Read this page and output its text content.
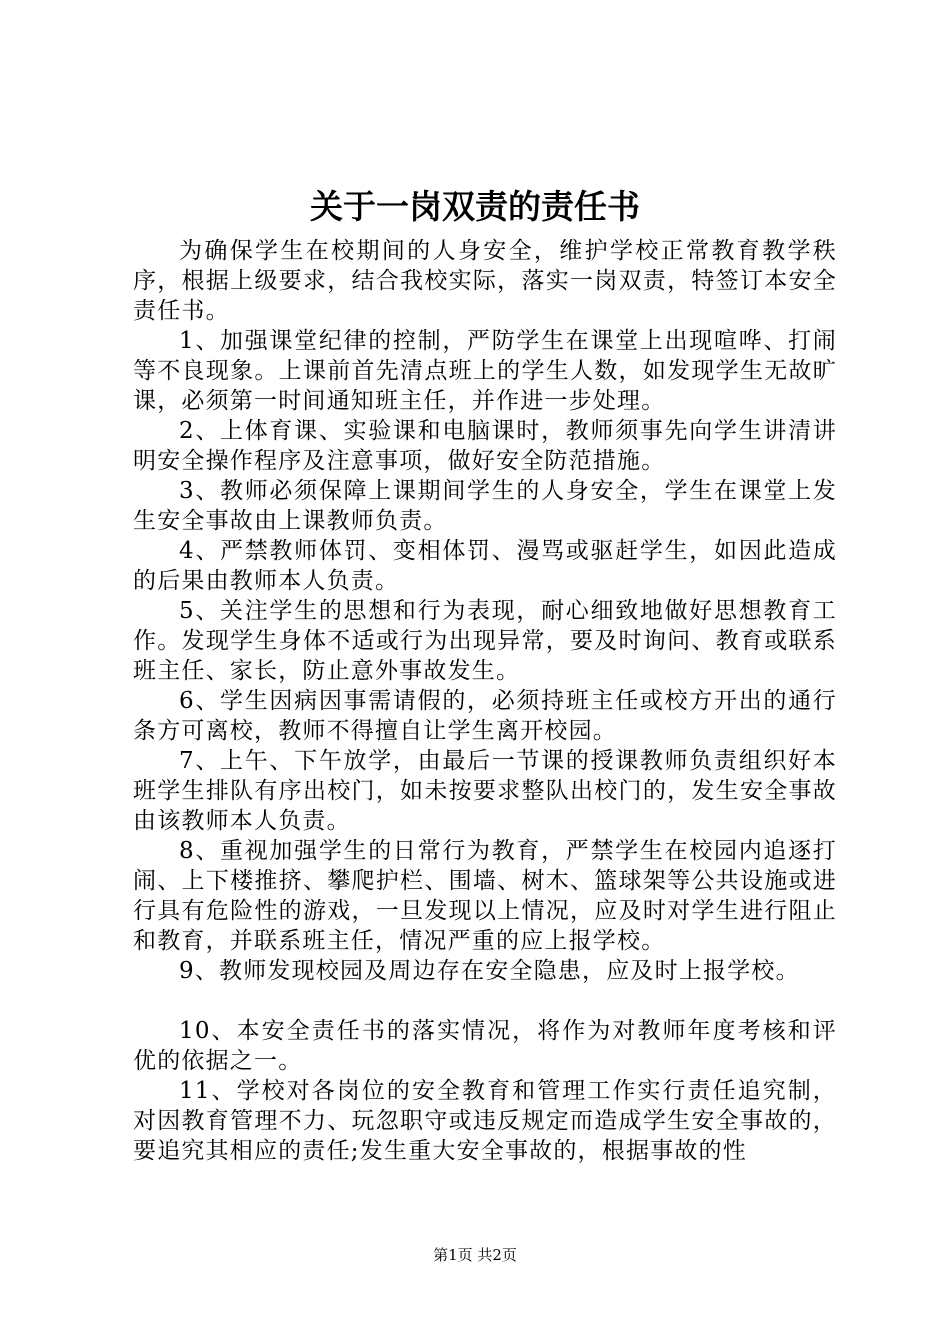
关于一岗双责的责任书

为确保学生在校期间的人身安全，维护学校正常教育教学秩序，根据上级要求，结合我校实际，落实一岗双责，特签订本安全责任书。

1、加强课堂纪律的控制，严防学生在课堂上出现喧哗、打闹等不良现象。上课前首先清点班上的学生人数，如发现学生无故旷课，必须第一时间通知班主任，并作进一步处理。

2、上体育课、实验课和电脑课时，教师须事先向学生讲清讲明安全操作程序及注意事项，做好安全防范措施。

3、教师必须保障上课期间学生的人身安全，学生在课堂上发生安全事故由上课教师负责。

4、严禁教师体罚、变相体罚、漫骂或驱赶学生，如因此造成的后果由教师本人负责。

5、关注学生的思想和行为表现，耐心细致地做好思想教育工作。发现学生身体不适或行为出现异常，要及时询问、教育或联系班主任、家长，防止意外事故发生。

6、学生因病因事需请假的，必须持班主任或校方开出的通行条方可离校，教师不得擅自让学生离开校园。

7、上午、下午放学，由最后一节课的授课教师负责组织好本班学生排队有序出校门，如未按要求整队出校门的，发生安全事故由该教师本人负责。

8、重视加强学生的日常行为教育，严禁学生在校园内追逐打闹、上下楼推挤、攀爬护栏、围墙、树木、篮球架等公共设施或进行具有危险性的游戏，一旦发现以上情况，应及时对学生进行阻止和教育，并联系班主任，情况严重的应上报学校。

9、教师发现校园及周边存在安全隐患，应及时上报学校。

10、本安全责任书的落实情况，将作为对教师年度考核和评优的依据之一。

11、学校对各岗位的安全教育和管理工作实行责任追究制，对因教育管理不力、玩忽职守或违反规定而造成学生安全事故的，要追究其相应的责任;发生重大安全事故的，根据事故的性

第1页 共2页
